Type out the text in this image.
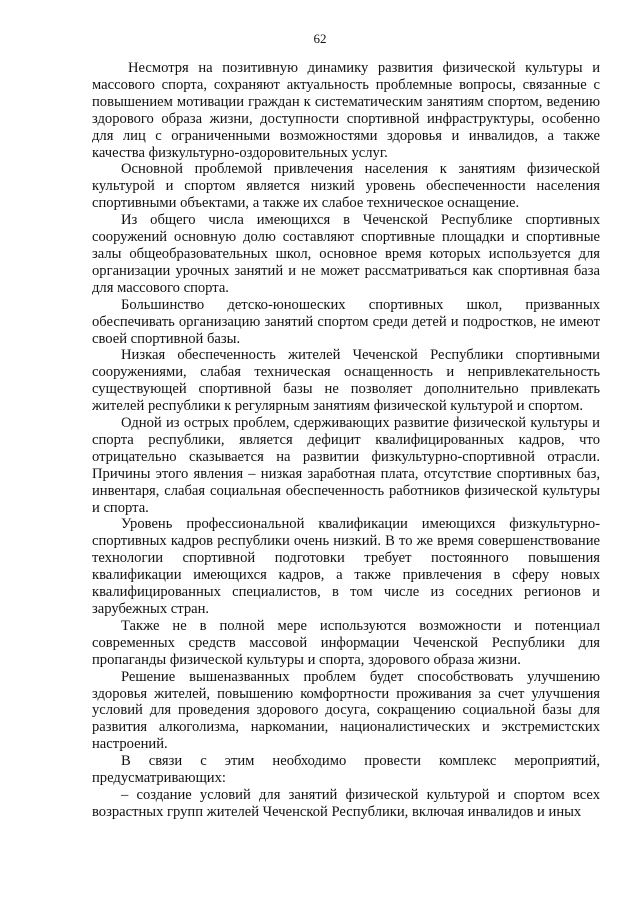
62

Несмотря на позитивную динамику развития физической культуры и массового спорта, сохраняют актуальность проблемные вопросы, связанные с повышением мотивации граждан к систематическим занятиям спортом, ведению здорового образа жизни, доступности спортивной инфраструктуры, особенно для лиц с ограниченными возможностями здоровья и инвалидов, а также качества физкультурно-оздоровительных услуг.

Основной проблемой привлечения населения к занятиям физической культурой и спортом является низкий уровень обеспеченности населения спортивными объектами, а также их слабое техническое оснащение.

Из общего числа имеющихся в Чеченской Республике спортивных сооружений основную долю составляют спортивные площадки и спортивные залы общеобразовательных школ, основное время которых используется для организации урочных занятий и не может рассматриваться как спортивная база для массового спорта.

Большинство детско-юношеских спортивных школ, призванных обеспечивать организацию занятий спортом среди детей и подростков, не имеют своей спортивной базы.

Низкая обеспеченность жителей Чеченской Республики спортивными сооружениями, слабая техническая оснащенность и непривлекательность существующей спортивной базы не позволяет дополнительно привлекать жителей республики к регулярным занятиям физической культурой и спортом.

Одной из острых проблем, сдерживающих развитие физической культуры и спорта республики, является дефицит квалифицированных кадров, что отрицательно сказывается на развитии физкультурно-спортивной отрасли. Причины этого явления – низкая заработная плата, отсутствие спортивных баз, инвентаря, слабая социальная обеспеченность работников физической культуры и спорта.

Уровень профессиональной квалификации имеющихся физкультурно-спортивных кадров республики очень низкий. В то же время совершенствование технологии спортивной подготовки требует постоянного повышения квалификации имеющихся кадров, а также привлечения в сферу новых квалифицированных специалистов, в том числе из соседних регионов и зарубежных стран.

Также не в полной мере используются возможности и потенциал современных средств массовой информации Чеченской Республики для пропаганды физической культуры и спорта, здорового образа жизни.

Решение вышеназванных проблем будет способствовать улучшению здоровья жителей, повышению комфортности проживания за счет улучшения условий для проведения здорового досуга, сокращению социальной базы для развития алкоголизма, наркомании, националистических и экстремистских настроений.

В связи с этим необходимо провести комплекс мероприятий, предусматривающих:

– создание условий для занятий физической культурой и спортом всех возрастных групп жителей Чеченской Республики, включая инвалидов и иных
